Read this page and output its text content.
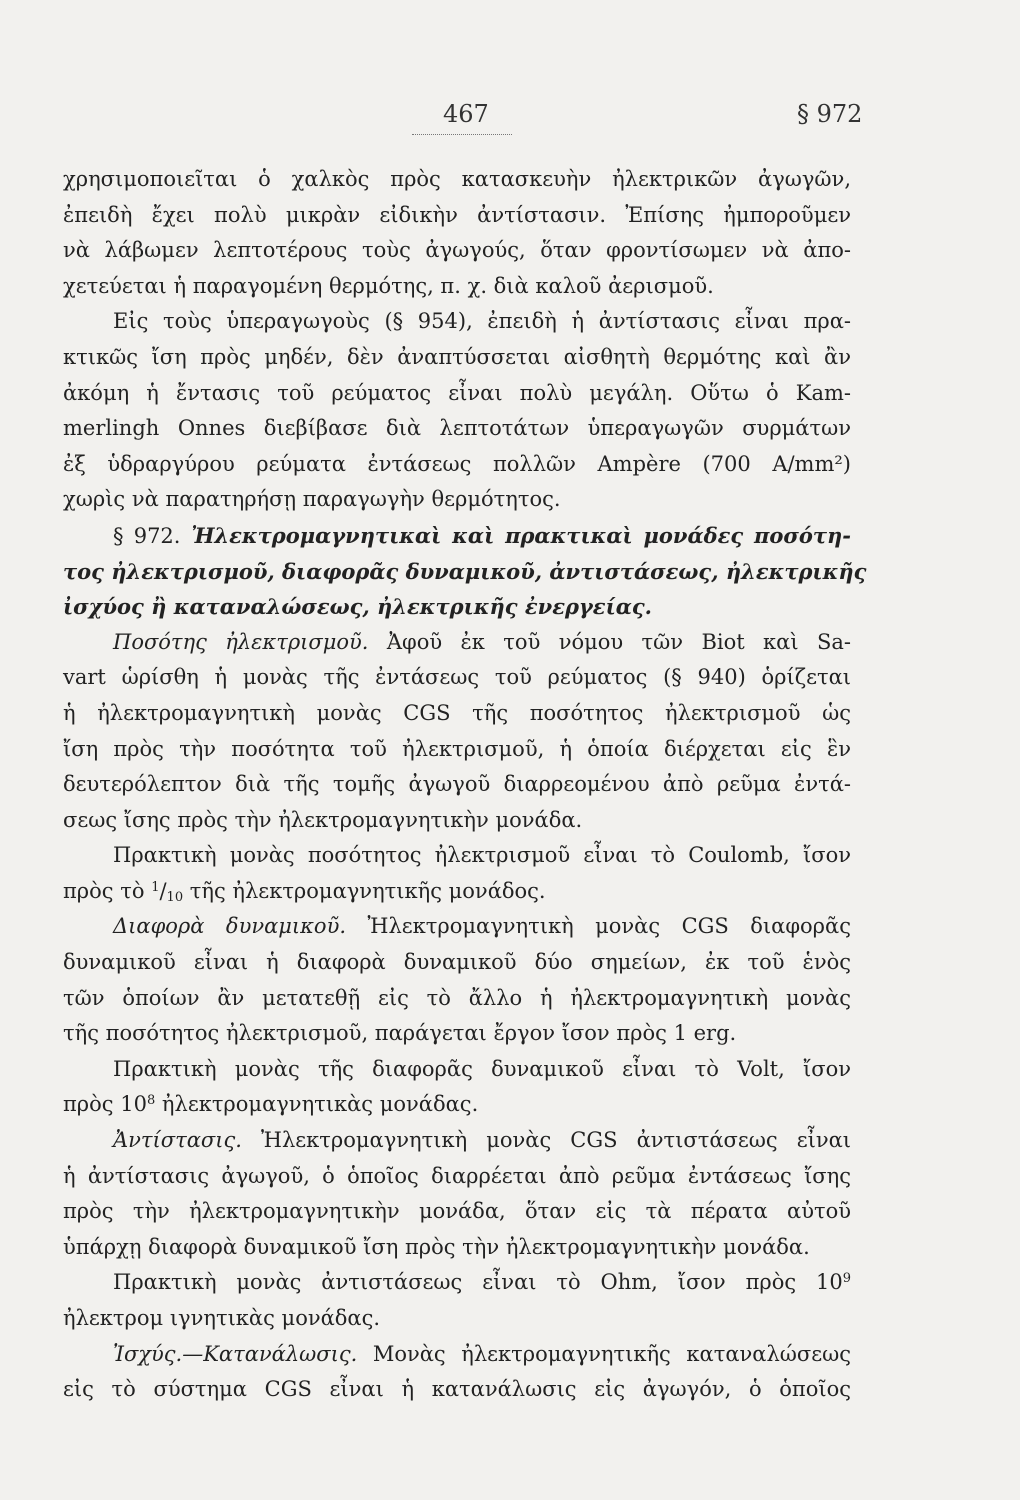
467	§ 972
χρησιμοποιεῖται ὁ χαλκὸς πρὸς κατασκευὴν ἠλεκτρικῶν ἀγωγῶν,
ἐπειδὴ ἔχει πολὺ μικρὰν εἰδικὴν ἀντίστασιν. Ἐπίσης ἠμποροῦμεν
νὰ λάβωμεν λεπτοτέρους τοὺς ἀγωγούς, ὅταν φροντίσωμεν νὰ ἀπο-
χετεύεται ἡ παραγομένη θερμότης, π. χ. διὰ καλοῦ ἀερισμοῦ.
Εἰς τοὺς ὑπεραγωγοὺς (§ 954), ἐπειδὴ ἡ ἀντίστασις εἶναι πρα-
κτικῶς ἴση πρὸς μηδέν, δὲν ἀναπτύσσεται αἰσθητὴ θερμότης καὶ ἂν
ἀκόμη ἡ ἔντασις τοῦ ρεύματος εἶναι πολὺ μεγάλη. Οὕτω ὁ Kam-
merlingh Onnes διεβίβασε διὰ λεπτοτάτων ὑπεραγωγῶν συρμάτων
ἐξ ὑδραργύρου ρεύματα ἐντάσεως πολλῶν Ampère (700 A/mm²)
χωρὶς νὰ παρατηρήσῃ παραγωγὴν θερμότητος.
§ 972. Ἠλεκτρομαγνητικαὶ καὶ πρακτικαὶ μονάδες ποσότη-
τος ἠλεκτρισμοῦ, διαφορᾶς δυναμικοῦ, ἀντιστάσεως, ἠλεκτρικῆς
ἰσχύος ἢ καταναλώσεως, ἠλεκτρικῆς ἐνεργείας.
Ποσότης ἠλεκτρισμοῦ. Ἀφοῦ ἐκ τοῦ νόμου τῶν Biot καὶ Sa-
vart ὡρίσθη ἡ μονὰς τῆς ἐντάσεως τοῦ ρεύματος (§ 940) ὁρίζεται
ἡ ἠλεκτρομαγνητικὴ μονὰς CGS τῆς ποσότητος ἠλεκτρισμοῦ ὡς
ἴση πρὸς τὴν ποσότητα τοῦ ἠλεκτρισμοῦ, ἡ ὁποία διέρχεται εἰς ἓν
δευτερόλεπτον διὰ τῆς τομῆς ἀγωγοῦ διαρρεομένου ἀπὸ ρεῦμα ἐντά-
σεως ἴσης πρὸς τὴν ἠλεκτρομαγνητικὴν μονάδα.
Πρακτικὴ μονὰς ποσότητος ἠλεκτρισμοῦ εἶναι τὸ Coulomb, ἴσον
πρὸς τὸ $^1/_{10}$ τῆς ἠλεκτρομαγνητικῆς μονάδος.
Διαφορὰ δυναμικοῦ. Ἠλεκτρομαγνητικὴ μονὰς CGS διαφορᾶς
δυναμικοῦ εἶναι ἡ διαφορὰ δυναμικοῦ δύο σημείων, ἐκ τοῦ ἑνὸς
τῶν ὁποίων ἂν μετατεθῇ εἰς τὸ ἄλλο ἡ ἠλεκτρομαγνητικὴ μονὰς
τῆς ποσότητος ἠλεκτρισμοῦ, παράγεται ἔργον ἴσον πρὸς 1 erg.
Πρακτικὴ μονὰς τῆς διαφορᾶς δυναμικοῦ εἶναι τὸ Volt, ἴσον
πρὸς $10^8$ ἠλεκτρομαγνητικὰς μονάδας.
Ἀντίστασις. Ἠλεκτρομαγνητικὴ μονὰς CGS ἀντιστάσεως εἶναι
ἡ ἀντίστασις ἀγωγοῦ, ὁ ὁποῖος διαρρέεται ἀπὸ ρεῦμα ἐντάσεως ἴσης
πρὸς τὴν ἠλεκτρομαγνητικὴν μονάδα, ὅταν εἰς τὰ πέρατα αὐτοῦ
ὑπάρχῃ διαφορὰ δυναμικοῦ ἴση πρὸς τὴν ἠλεκτρομαγνητικὴν μονάδα.
Πρακτικὴ μονὰς ἀντιστάσεως εἶναι τὸ Ohm, ἴσον πρὸς $10^9$
ἠλεκτρομ ιγνητικὰς μονάδας.
Ἰσχύς.—Κατανάλωσις. Μονὰς ἠλεκτρομαγνητικῆς καταναλώσεως
εἰς τὸ σύστημα CGS εἶναι ἡ κατανάλωσις εἰς ἀγωγόν, ὁ ὁποῖος
